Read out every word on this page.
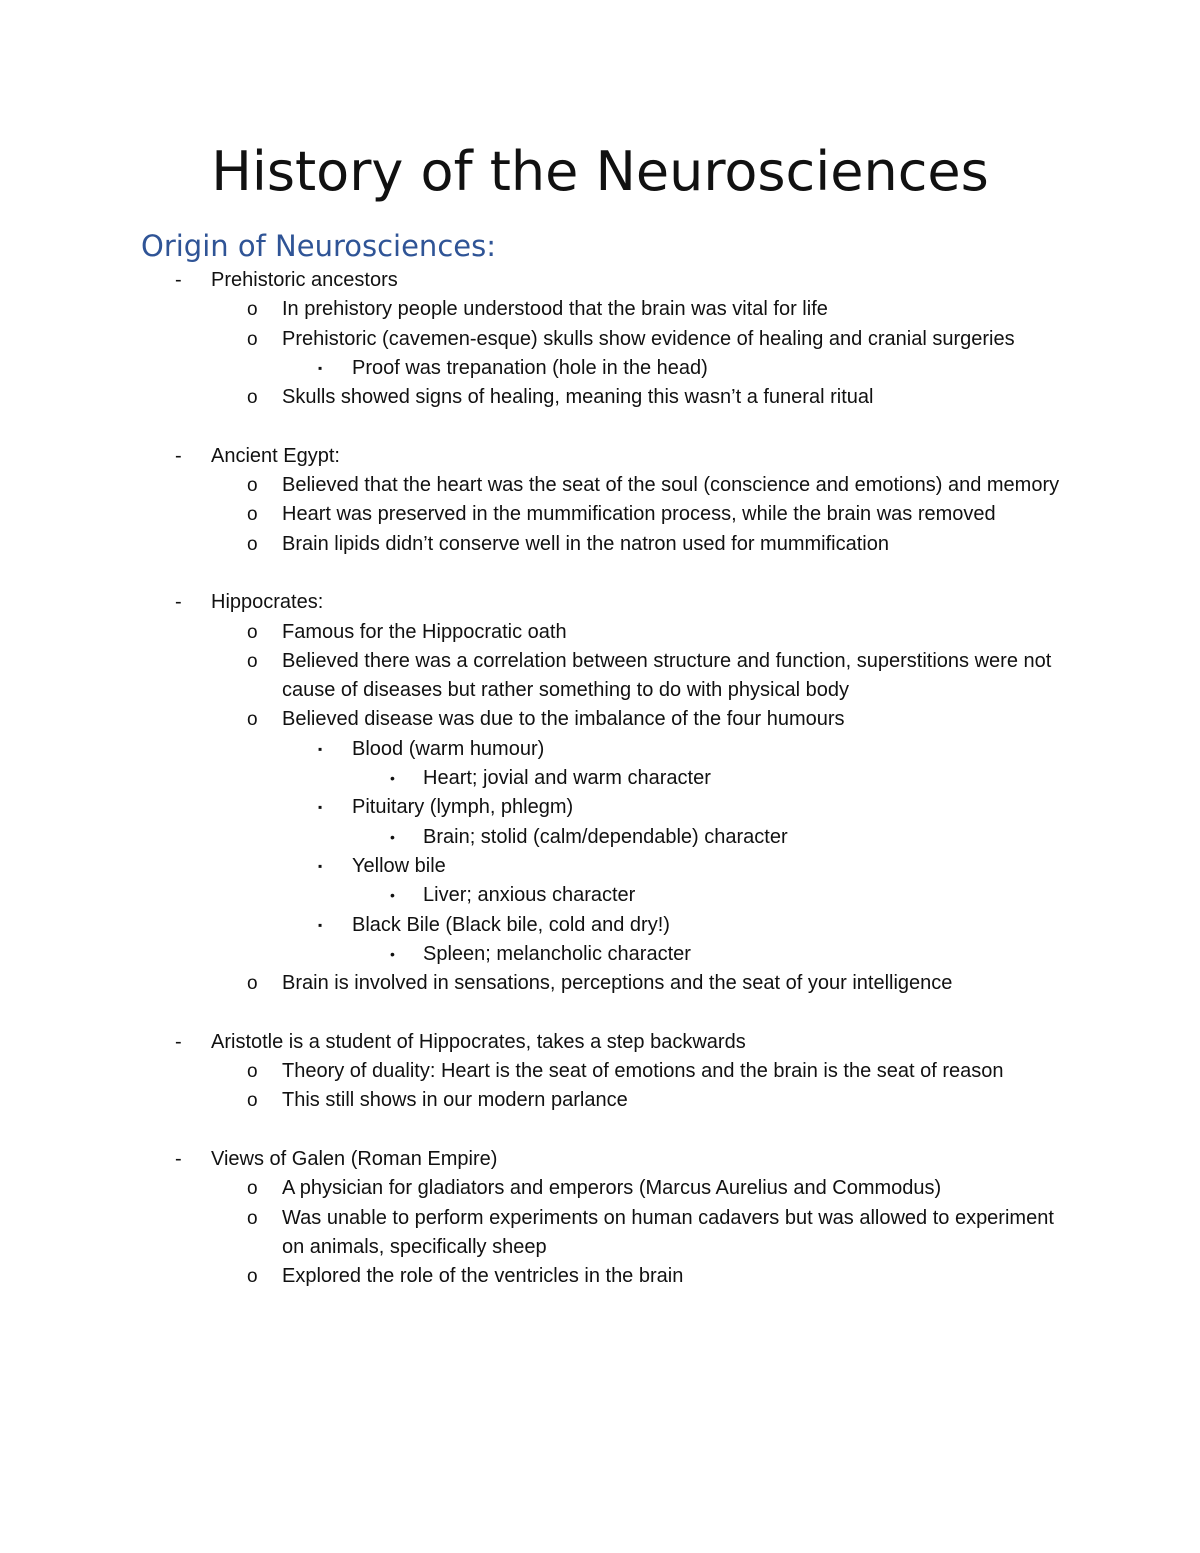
History of the Neurosciences
Origin of Neurosciences:
-	Prehistoric ancestors
o	In prehistory people understood that the brain was vital for life
o	Prehistoric (cavemen-esque) skulls show evidence of healing and cranial surgeries
▪	Proof was trepanation (hole in the head)
o	Skulls showed signs of healing, meaning this wasn’t a funeral ritual
-	Ancient Egypt:
o	Believed that the heart was the seat of the soul (conscience and emotions) and memory
o	Heart was preserved in the mummification process, while the brain was removed
o	Brain lipids didn’t conserve well in the natron used for mummification
-	Hippocrates:
o	Famous for the Hippocratic oath
o	Believed there was a correlation between structure and function, superstitions were not cause of diseases but rather something to do with physical body
o	Believed disease was due to the imbalance of the four humours
▪	Blood (warm humour)
•	Heart; jovial and warm character
▪	Pituitary (lymph, phlegm)
•	Brain; stolid (calm/dependable) character
▪	Yellow bile
•	Liver; anxious character
▪	Black Bile (Black bile, cold and dry!)
•	Spleen; melancholic character
o	Brain is involved in sensations, perceptions and the seat of your intelligence
-	Aristotle is a student of Hippocrates, takes a step backwards
o	Theory of duality: Heart is the seat of emotions and the brain is the seat of reason
o	This still shows in our modern parlance
-	Views of Galen (Roman Empire)
o	A physician for gladiators and emperors (Marcus Aurelius and Commodus)
o	Was unable to perform experiments on human cadavers but was allowed to experiment on animals, specifically sheep
o	Explored the role of the ventricles in the brain
